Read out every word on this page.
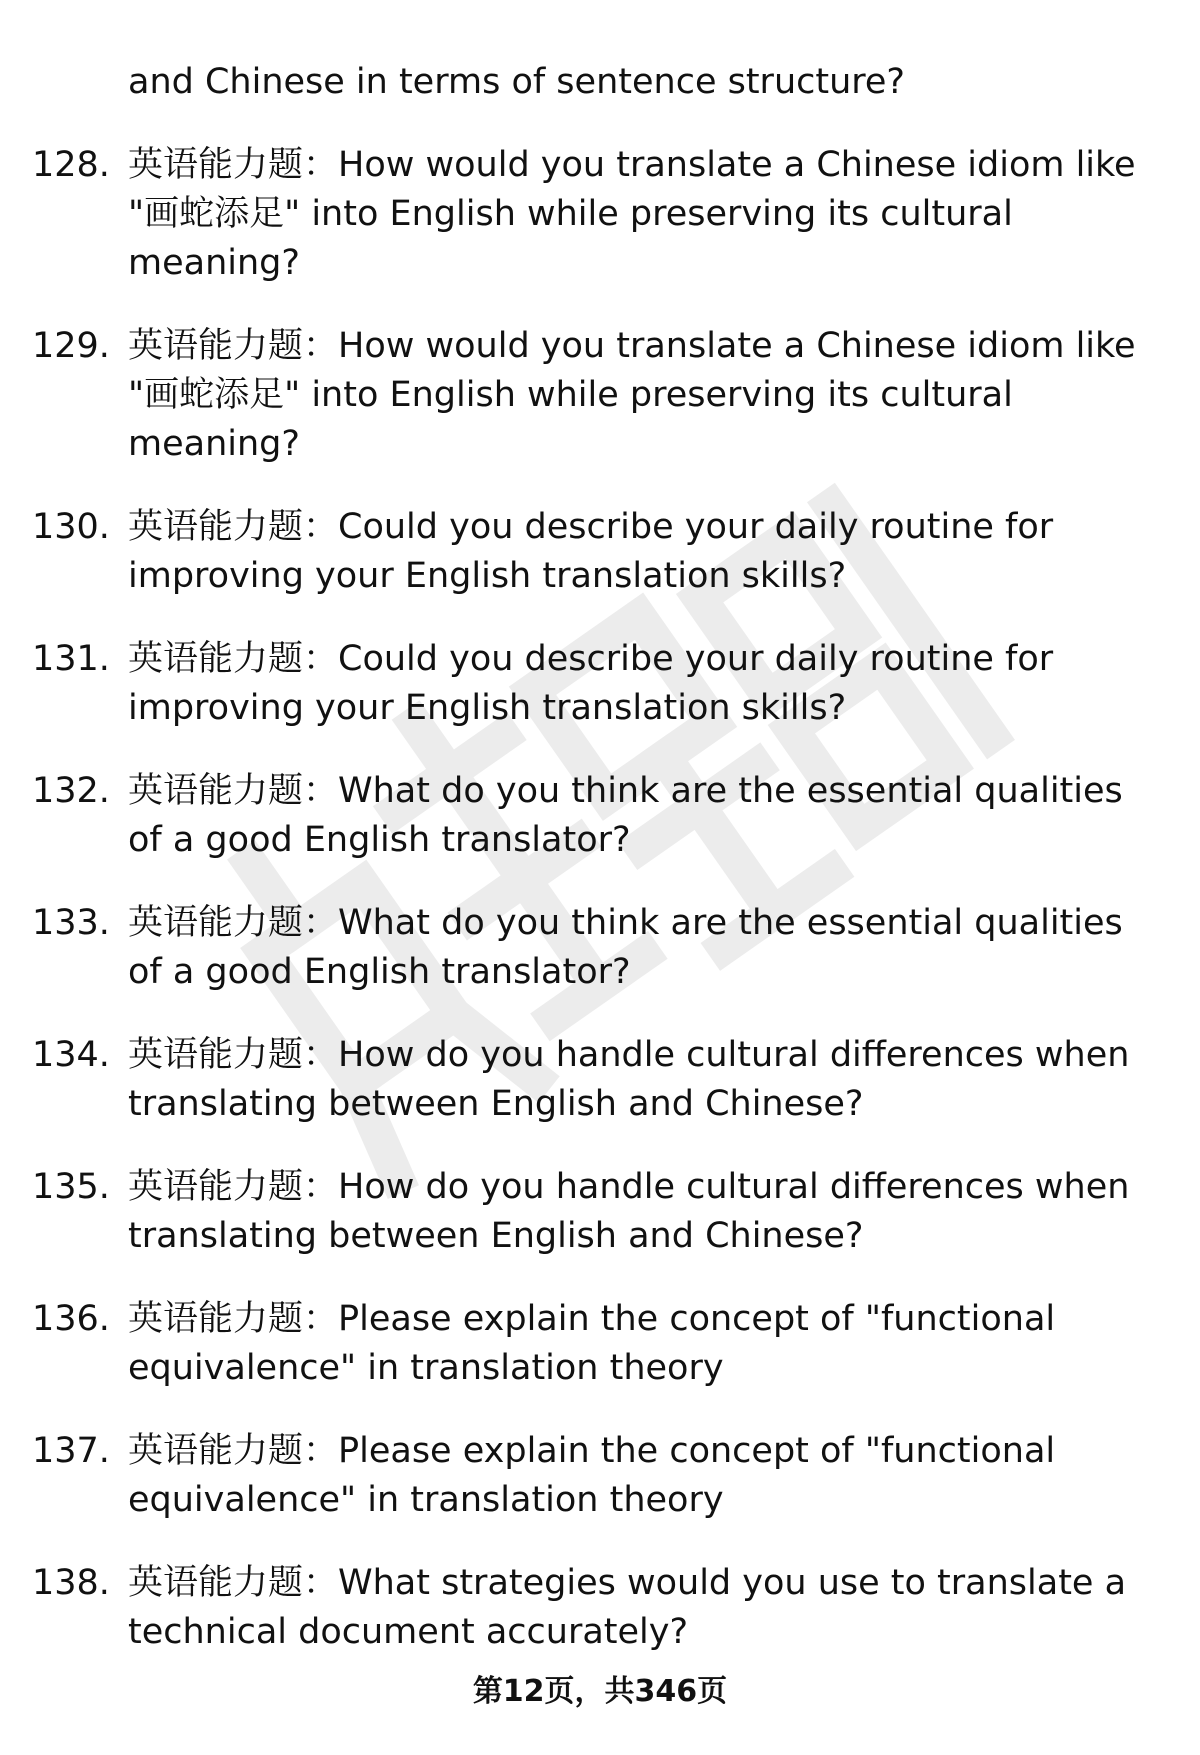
and Chinese in terms of sentence structure?

128. 英语能力题：How would you translate a Chinese idiom like "画蛇添足" into English while preserving its cultural meaning?
129. 英语能力题：How would you translate a Chinese idiom like "画蛇添足" into English while preserving its cultural meaning?
130. 英语能力题：Could you describe your daily routine for improving your English translation skills?
131. 英语能力题：Could you describe your daily routine for improving your English translation skills?
132. 英语能力题：What do you think are the essential qualities of a good English translator?
133. 英语能力题：What do you think are the essential qualities of a good English translator?
134. 英语能力题：How do you handle cultural differences when translating between English and Chinese?
135. 英语能力题：How do you handle cultural differences when translating between English and Chinese?
136. 英语能力题：Please explain the concept of "functional equivalence" in translation theory
137. 英语能力题：Please explain the concept of "functional equivalence" in translation theory
138. 英语能力题：What strategies would you use to translate a technical document accurately?
第12页，共346页
